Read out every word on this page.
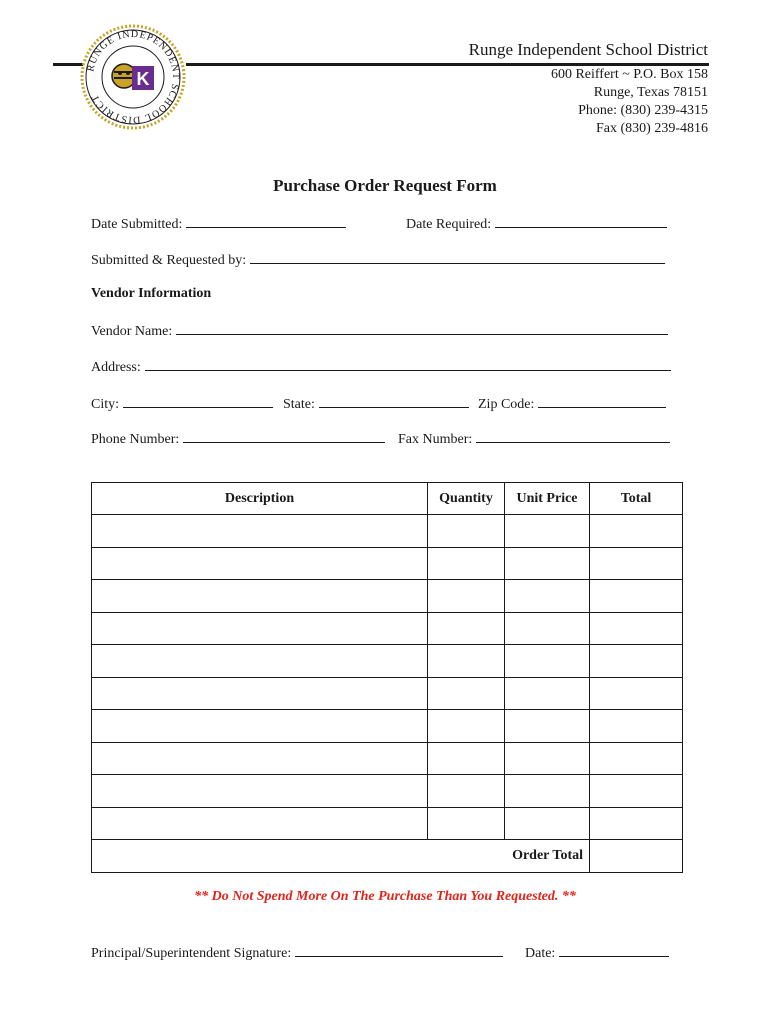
RUNGE INDEPENDENT SCHOOL DISTRICT
K
Runge Independent School District
600 Reiffert ~ P.O. Box 158
Runge, Texas 78151
Phone: (830) 239-4315
Fax (830) 239-4816
Purchase Order Request Form
Date Submitted:	Date Required:
Submitted & Requested by:
Vendor Information
Vendor Name:
Address:
City:	State:	Zip Code:
Phone Number:	Fax Number:
Description	Quantity	Unit Price	Total

Order Total			
** Do Not Spend More On The Purchase Than You Requested. **
Principal/Superintendent Signature:	Date:
